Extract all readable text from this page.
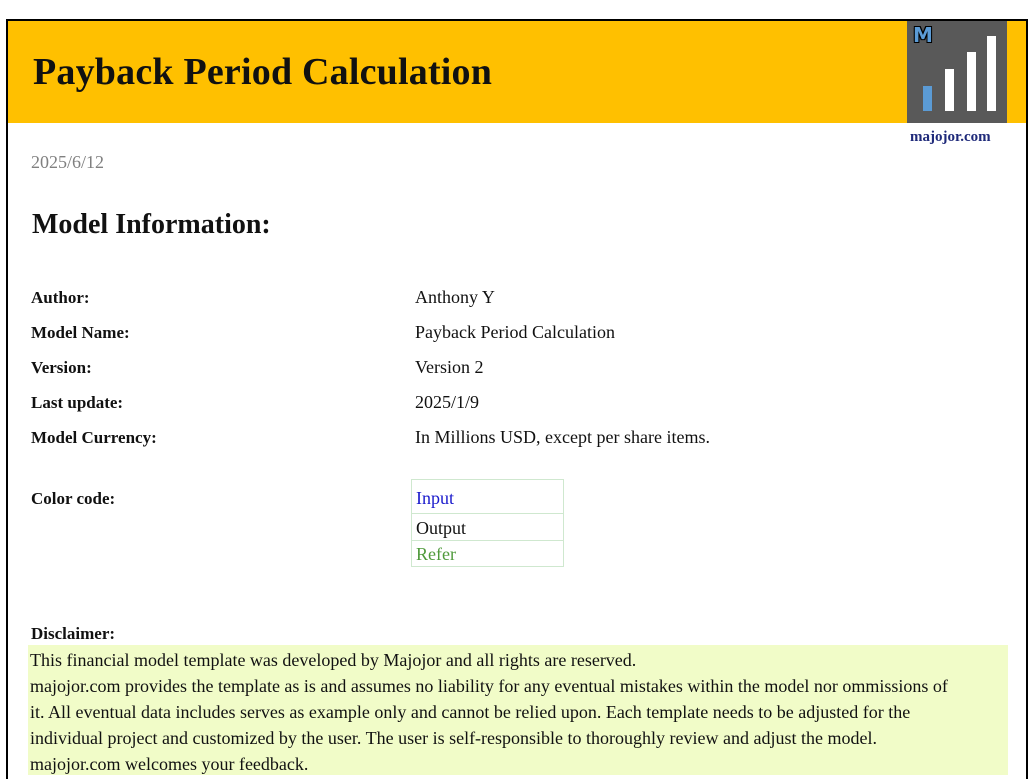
Payback Period Calculation
M
majojor.com
2025/6/12
Model Information:
Author:	Anthony Y
Model Name:	Payback Period Calculation
Version:	Version 2
Last update:	2025/1/9
Model Currency:	In Millions USD, except per share items.
Color code:	Input
Output
Refer
Disclaimer:
This financial model template was developed by Majojor and all rights are reserved.
majojor.com provides the template as is and assumes no liability for any eventual mistakes within the model nor ommissions of
it. All eventual data includes serves as example only and cannot be relied upon. Each template needs to be adjusted for the
individual project and customized by the user. The user is self-responsible to thoroughly review and adjust the model.
majojor.com welcomes your feedback.
